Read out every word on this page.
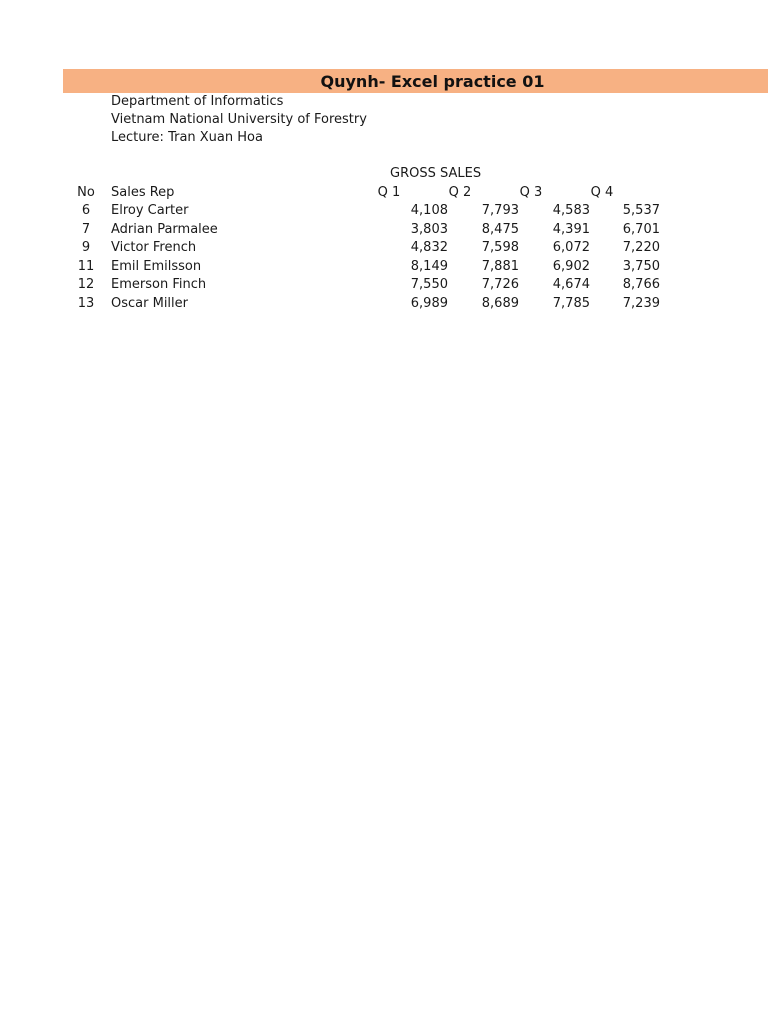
Quynh- Excel practice 01
Department of Informatics
Vietnam National University of Forestry
Lecture: Tran Xuan Hoa
GROSS SALES
No	Sales Rep	Q 1	Q 2	Q 3	Q 4
6	Elroy Carter	4,108	7,793	4,583	5,537
7	Adrian Parmalee	3,803	8,475	4,391	6,701
9	Victor French	4,832	7,598	6,072	7,220
11	Emil Emilsson	8,149	7,881	6,902	3,750
12	Emerson Finch	7,550	7,726	4,674	8,766
13	Oscar Miller	6,989	8,689	7,785	7,239
